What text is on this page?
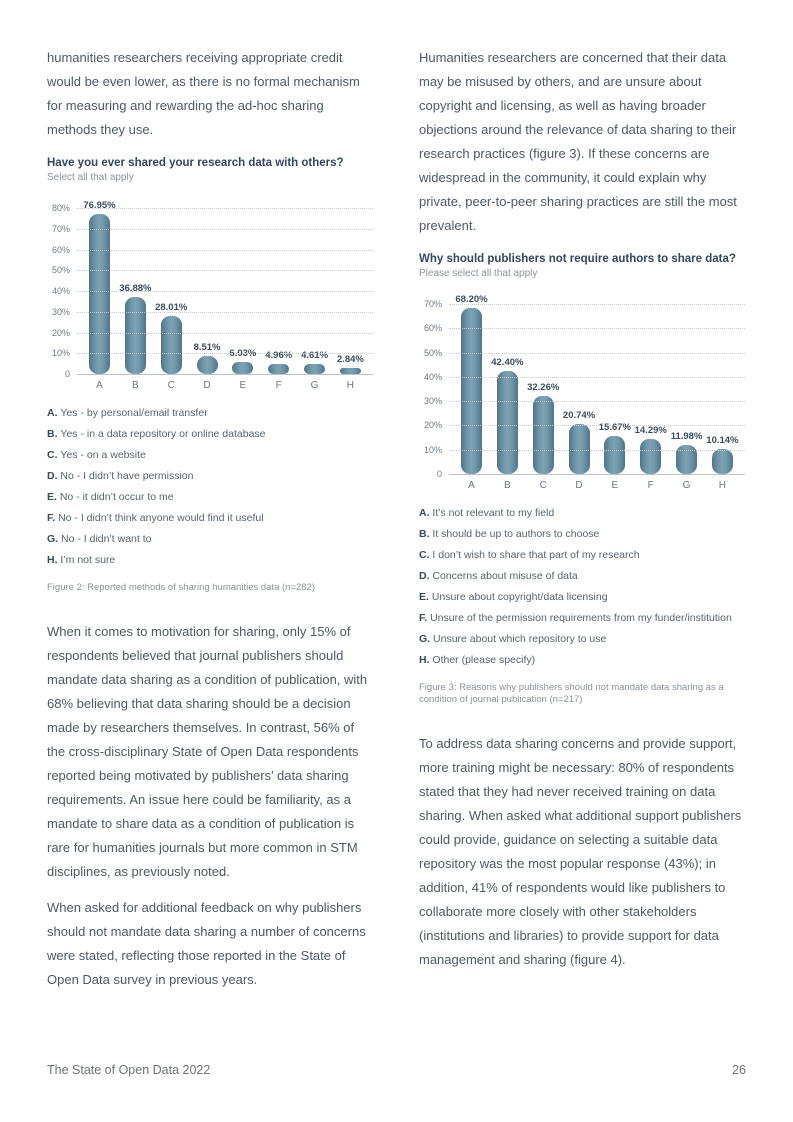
humanities researchers receiving appropriate credit would be even lower, as there is no formal mechanism for measuring and rewarding the ad-hoc sharing methods they use.

Have you ever shared your research data with others?
Select all that apply
76.95%
36.88%
28.01%
8.51% 6.03% 4.96% 4.61% 2.84%
80%
70%
60%
50%
40%
30%
20%
10%
0
A	B	C	D	E	F	G	H
A. Yes - by personal/email transfer
B. Yes - in a data repository or online database
C. Yes - on a website
D. No - I didn’t have permission
E. No - it didn’t occur to me
F. No - I didn’t think anyone would find it useful
G. No - I didn’t want to
H. I’m not sure
Figure 2: Reported methods of sharing humanities data (n=282)

When it comes to motivation for sharing, only 15% of respondents believed that journal publishers should mandate data sharing as a condition of publication, with 68% believing that data sharing should be a decision made by researchers themselves. In contrast, 56% of the cross-disciplinary State of Open Data respondents reported being motivated by publishers’ data sharing requirements. An issue here could be familiarity, as a mandate to share data as a condition of publication is rare for humanities journals but more common in STM disciplines, as previously noted.

When asked for additional feedback on why publishers should not mandate data sharing a number of concerns were stated, reflecting those reported in the State of Open Data survey in previous years.

Humanities researchers are concerned that their data may be misused by others, and are unsure about copyright and licensing, as well as having broader objections around the relevance of data sharing to their research practices (figure 3). If these concerns are widespread in the community, it could explain why private, peer-to-peer sharing practices are still the most prevalent.

Why should publishers not require authors to share data?
Please select all that apply
68.20%
42.40%
32.26%
20.74%
15.67% 14.29%
11.98% 10.14%
70%
60%
50%
40%
30%
20%
10%
0
A	B	C	D	E	F	G	H
A. It’s not relevant to my field
B. It should be up to authors to choose
C. I don’t wish to share that part of my research
D. Concerns about misuse of data
E. Unsure about copyright/data licensing
F. Unsure of the permission requirements from my funder/institution
G. Unsure about which repository to use
H. Other (please specify)
Figure 3: Reasons why publishers should not mandate data sharing as a condition of journal publication (n=217)

To address data sharing concerns and provide support, more training might be necessary: 80% of respondents stated that they had never received training on data sharing. When asked what additional support publishers could provide, guidance on selecting a suitable data repository was the most popular response (43%); in addition, 41% of respondents would like publishers to collaborate more closely with other stakeholders (institutions and libraries) to provide support for data management and sharing (figure 4).

The State of Open Data 2022	26
